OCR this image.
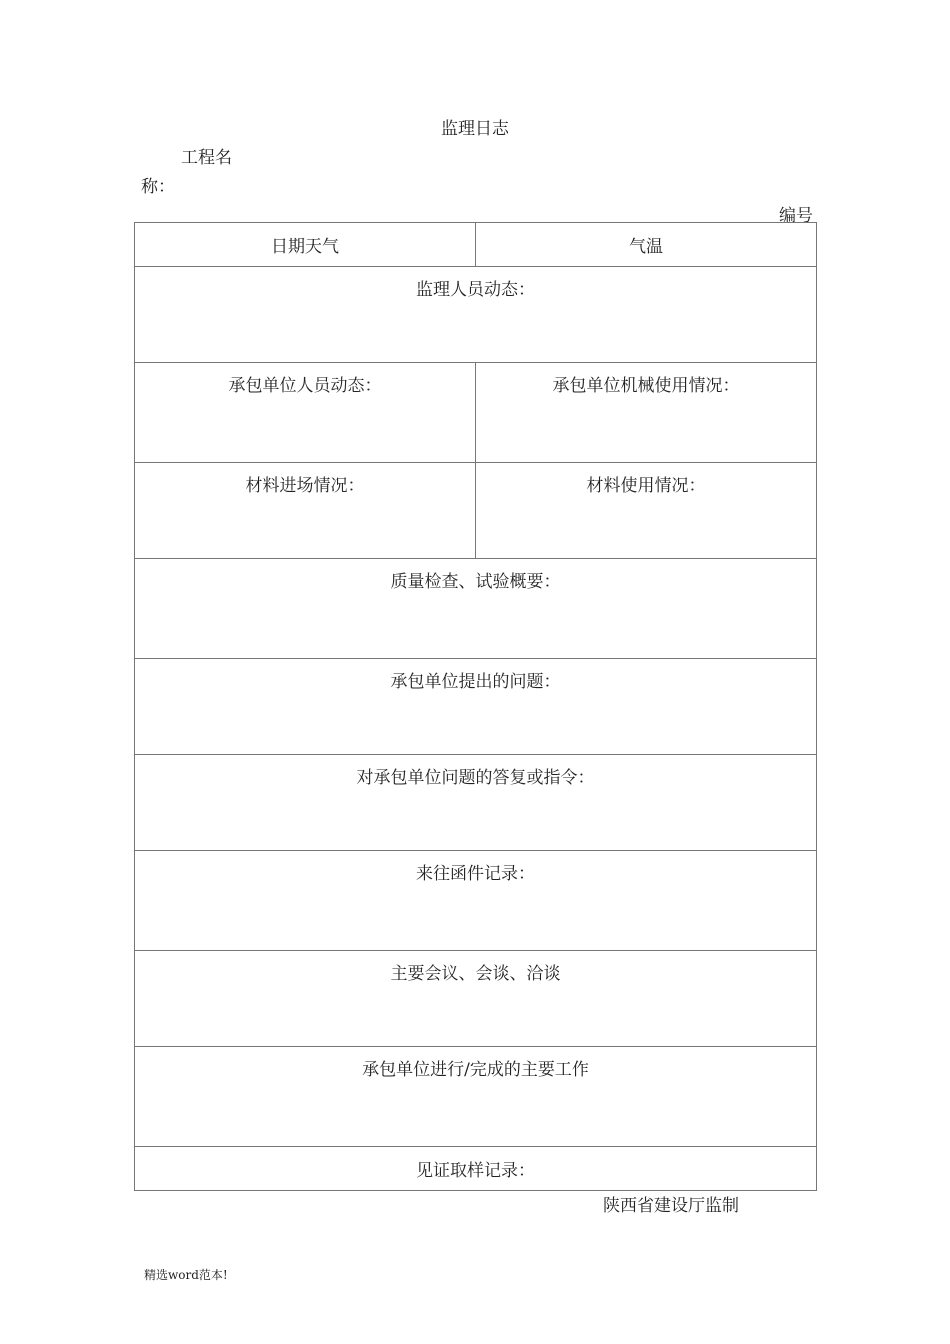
监理日志
工程名
称：
编号
日期天气	气温
监理人员动态：	
承包单位人员动态：	承包单位机械使用情况：
材料进场情况：	材料使用情况：
质量检查、试验概要：	
承包单位提出的问题：	
对承包单位问题的答复或指令：	
来往函件记录：	
主要会议、会谈、洽谈	
承包单位进行/完成的主要工作	
见证取样记录：	
陕西省建设厅监制
精选word范本!
